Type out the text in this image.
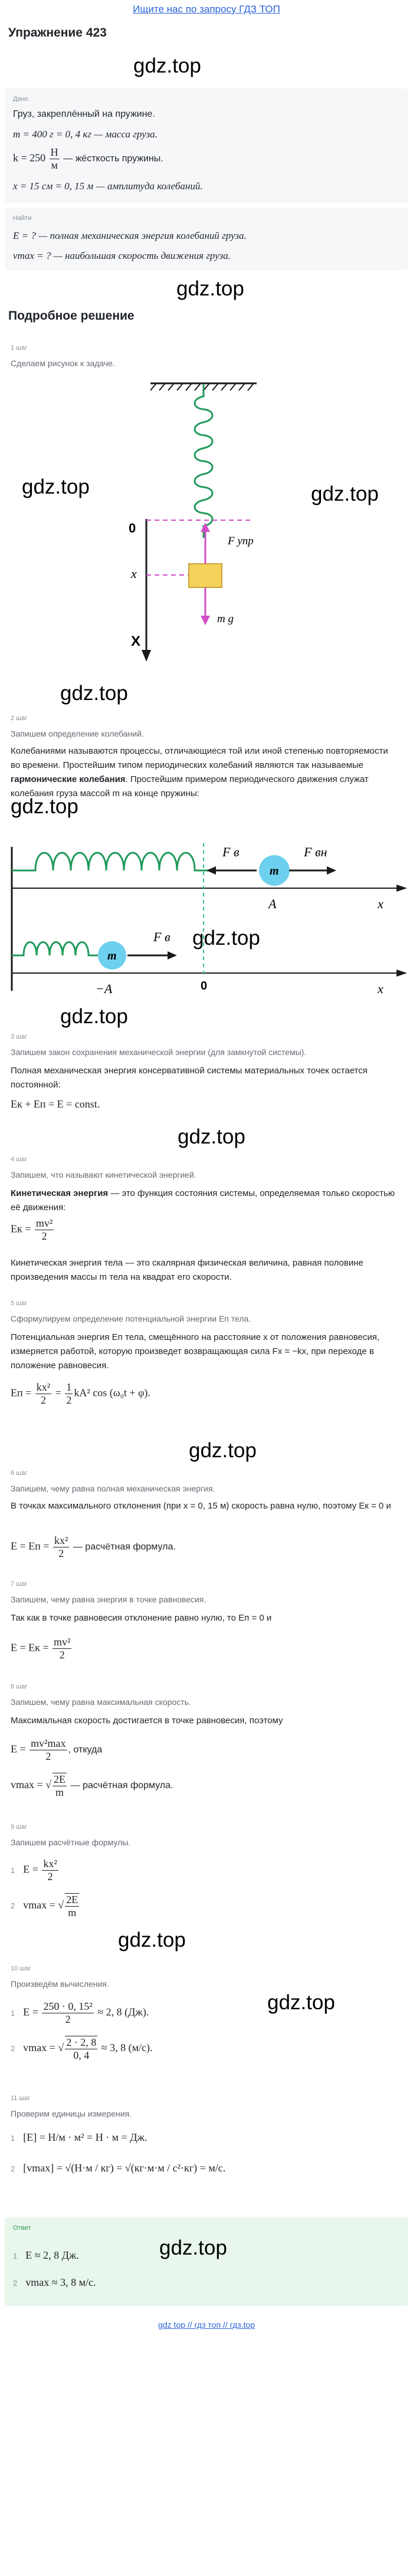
Ищите нас по запросу ГДЗ ТОП
Упражнение 423
gdz.top
Дано
Груз, закреплённый на пружине.
m = 400 г = 0, 4 кг — масса груза.
$k = 250 \frac{Н}{м}$ — жёсткость пружины.
x = 15 см = 0, 15 м — амплитуда колебаний.
Найти
E = ? — полная механическая энергия колебаний груза.
vmax = ? — наибольшая скорость движения груза.
gdz.top
Подробное решение
1 шаг
Сделаем рисунок к задаче.
0
x
X
F упр
m g
gdz.top	gdz.top
gdz.top
2 шаг
Запишем определение колебаний.
Колебаниями называются процессы, отличающиеся той или иной степенью повторяемости во времени. Простейшим типом периодических колебаний являются так называемые гармонические колебания. Простейшим примером периодического движения служат колебания груза массой m на конце пружины:
gdz.top
m
F в	F вн
A	x
m
F в
−A	0	x
gdz.top
gdz.top
3 шаг
Запишем закон сохранения механической энергии (для замкнутой системы).
Полная механическая энергия консервативной системы материальных точек остается постоянной:
Eк + Eп = E = const.
gdz.top
4 шаг
Запишем, что называют кинетической энергией.
Кинетическая энергия — это функция состояния системы, определяемая только скоростью её движения:
Eк = $\frac{\text{mv²}}{2}$
Кинетическая энергия тела — это скалярная физическая величина, равная половине произведения массы m тела на квадрат его скорости.
5 шаг
Сформулируем определение потенциальной энергии Eп тела.
Потенциальная энергия Eп тела, смещённого на расстояние x от положения равновесия, измеряется работой, которую произведет возвращающая сила Fx = −kx, при переходе в положение равновесия.
Eп = $\frac{\text{kx²}}{2} = \frac{1}{2} kA^2$ cos (ω₀t + φ).
gdz.top
6 шаг
Запишем, чему равна полная механическая энергия.
В точках максимального отклонения (при x = 0, 15 м) скорость равна нулю, поэтому Eк = 0 и
E = Eп = $\frac{\text{kx²}}{2}$ — расчётная формула.
7 шаг
Запишем, чему равна энергия в точке равновесия.
Так как в точке равновесия отклонение равно нулю, то Eп = 0 и
E = Eк = $\frac{\text{mv²}}{2}$
8 шаг
Запишем, чему равна максимальная скорость.
Максимальная скорость достигается в точке равновесия, поэтому
$E = \frac{\text{mv²max}}{2}$ , откуда
vmax = √ $\frac{2E}{m}$ — расчётная формула.
9 шаг
Запишем расчётные формулы.
1 $E = \frac{\text{kx²}}{2}$
2 vmax = √ $\frac{2E}{m}$
gdz.top
10 шаг
Произведём вычисления.
1 $E = \frac{\text{250 · 0, 15²}}{2} \approx 2$, 8 (Дж).
2 vmax = √ $\frac{2 \cdot 2, 8}{0, 4} \approx 3$, 8 (м/с).
gdz.top
11 шаг
Проверим единицы измерения.
1 [E] = Н/м · м² = Н · м = Дж.
2 [vmax] = √(Н·м / кг) = √(кг·м·м / с²·кг) = м/с.
Ответ
1 E ≈ 2, 8 Дж.
2 vmax ≈ 3, 8 м/с.
gdz.top
gdz top // гдз топ // гдз.top
